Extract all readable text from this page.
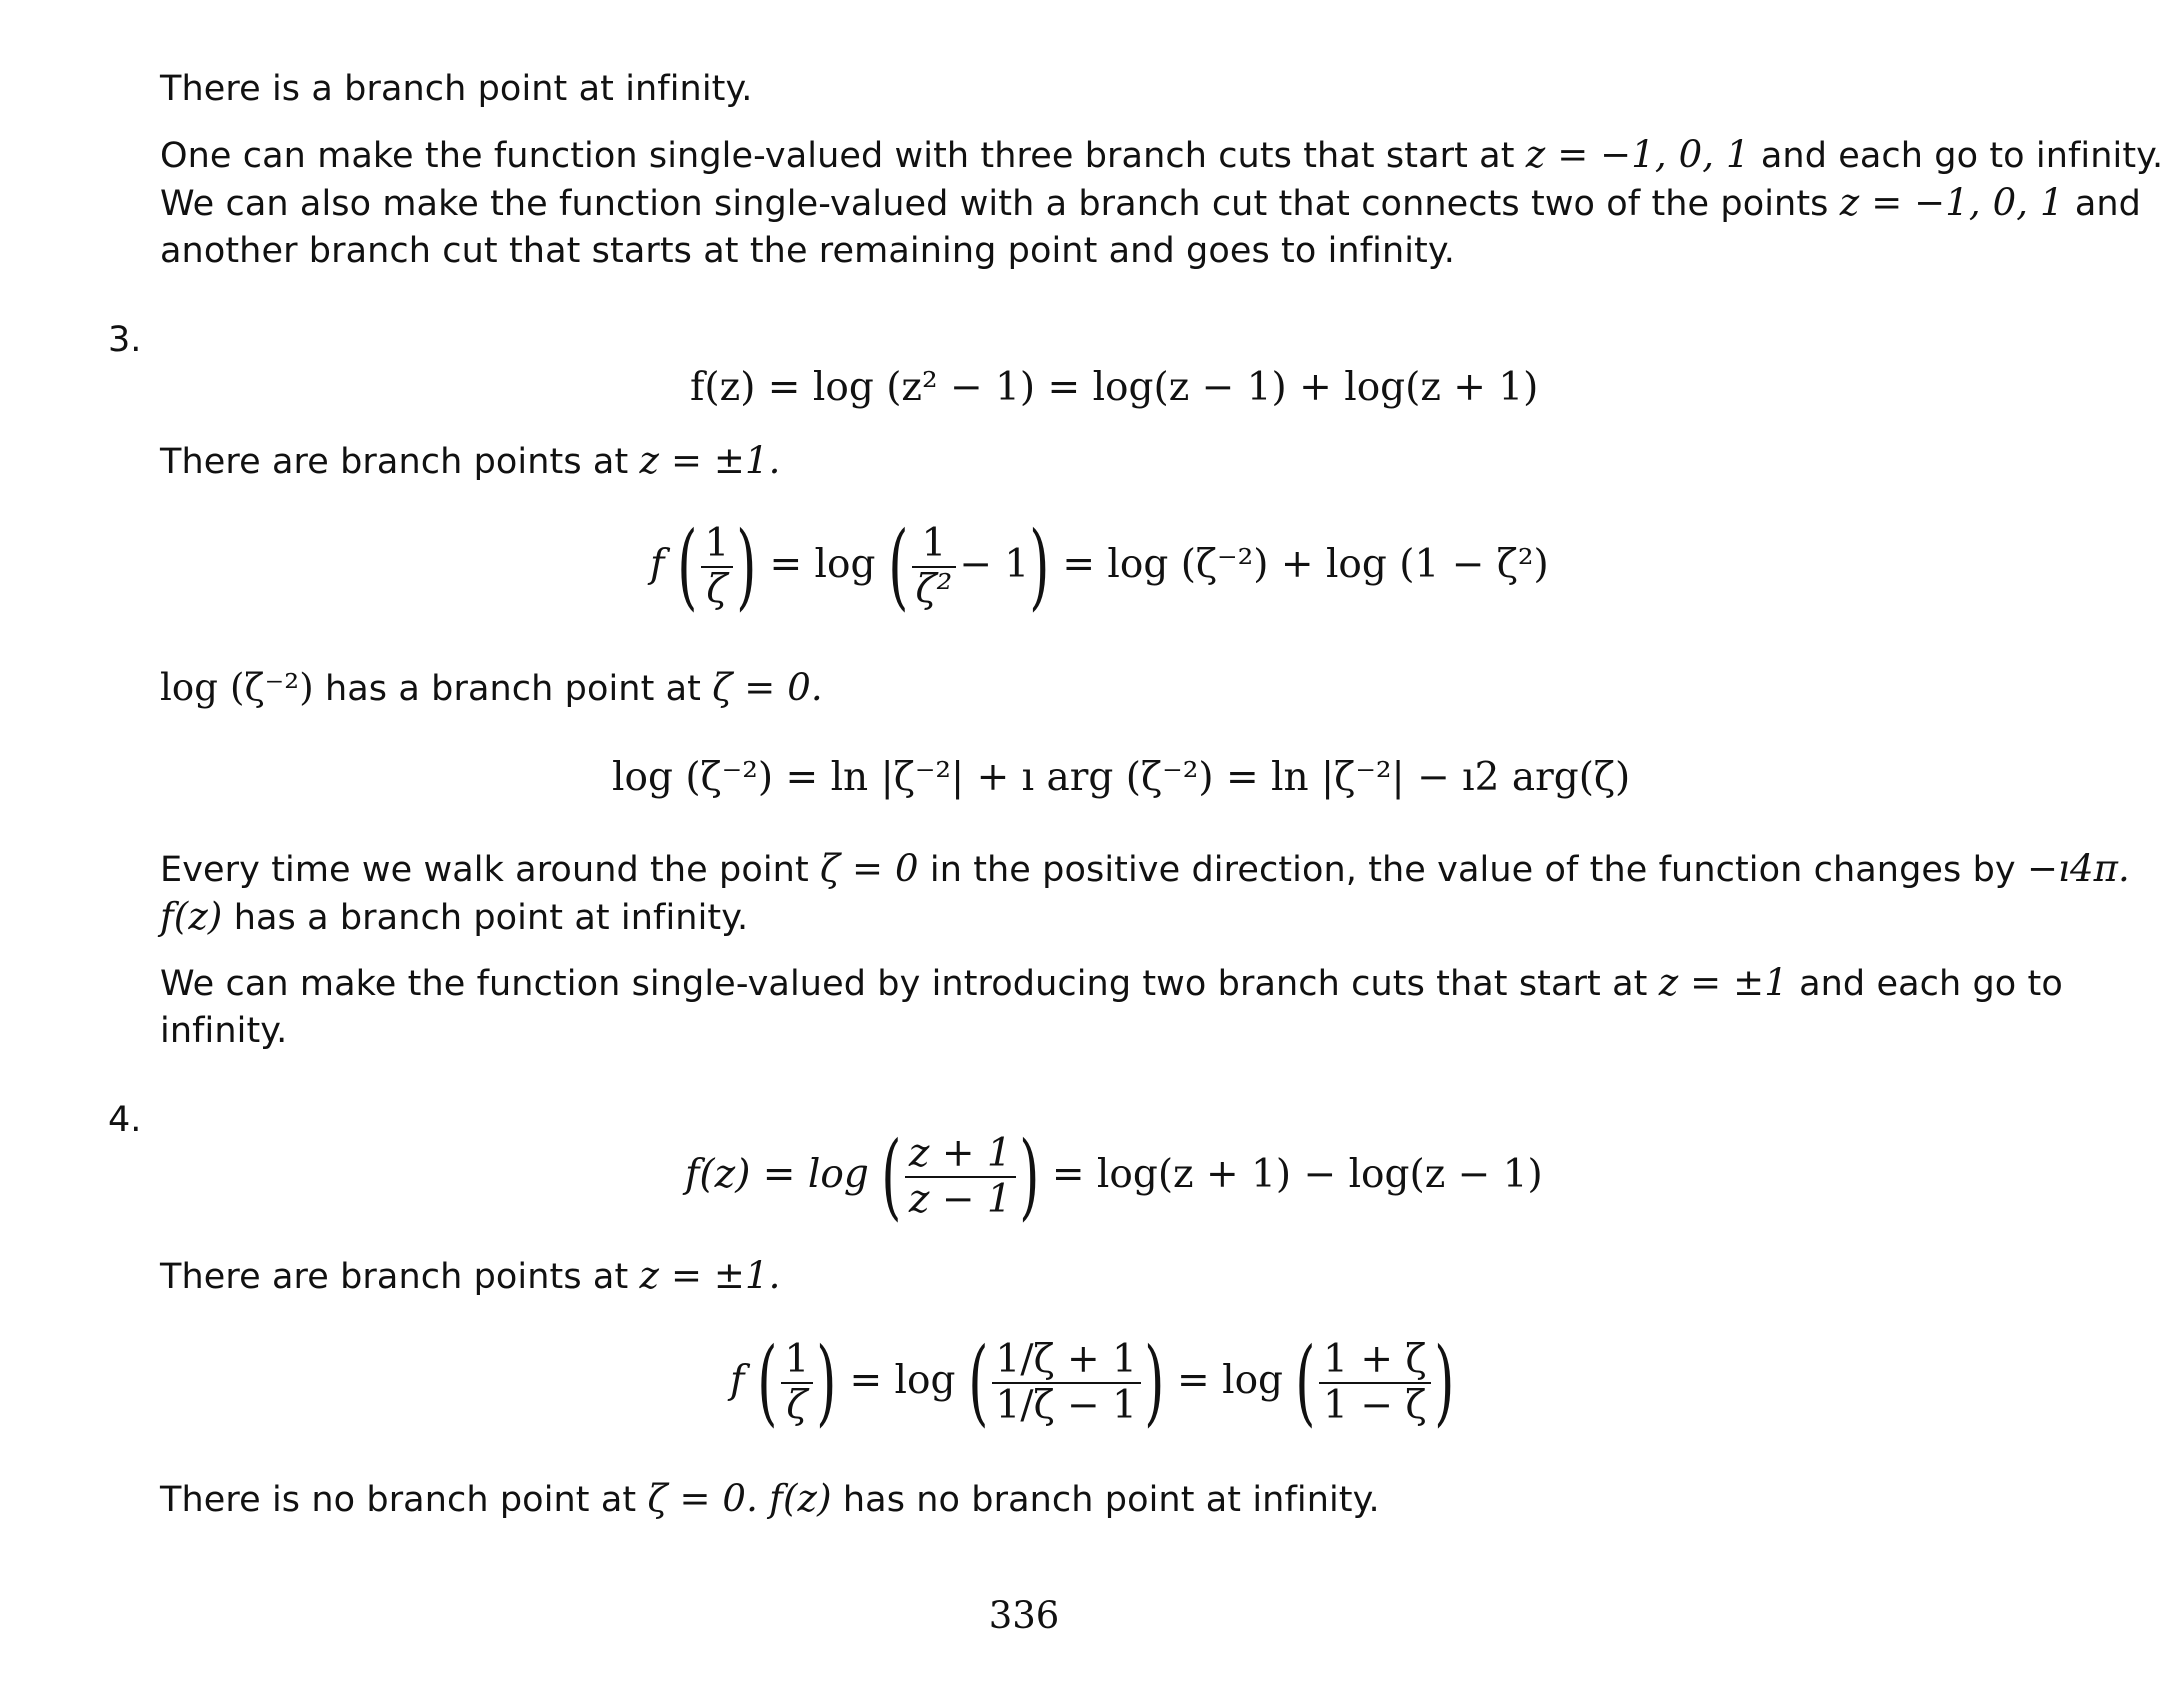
There is a branch point at infinity.

One can make the function single-valued with three branch cuts that start at z = −1, 0, 1 and each go to infinity.

We can also make the function single-valued with a branch cut that connects two of the points z = −1, 0, 1 and

another branch cut that starts at the remaining point and goes to infinity.

3.
f(z) = log (z² − 1) = log(z − 1) + log(z + 1)

There are branch points at z = ±1.

f ( $\frac{1}{\zeta}$ ) = log ( $\frac{1}{\text{ζ²}} - 1) = \log (\zeta^{-2}) + \log (1 - \zeta^2)$

log (ζ⁻²) has a branch point at ζ = 0.

log (ζ⁻²) = ln |ζ⁻²| + ı arg (ζ⁻²) = ln |ζ⁻²| − ı2 arg(ζ)

Every time we walk around the point ζ = 0 in the positive direction, the value of the function changes by −ı4π.

f(z) has a branch point at infinity.

We can make the function single-valued by introducing two branch cuts that start at z = ±1 and each go to

infinity.

4.
f(z) = log ( $\frac{z + 1}{z - 1}$ ) = log(z + 1) − log(z − 1)

There are branch points at z = ±1.

f ( $\frac{1}{\zeta}$ ) = log ( $\frac{1/\zeta + 1}{1/\zeta - 1}$ ) = log ( $\frac{1 + \zeta}{1 - \zeta}$ )

There is no branch point at ζ = 0. f(z) has no branch point at infinity.

336
